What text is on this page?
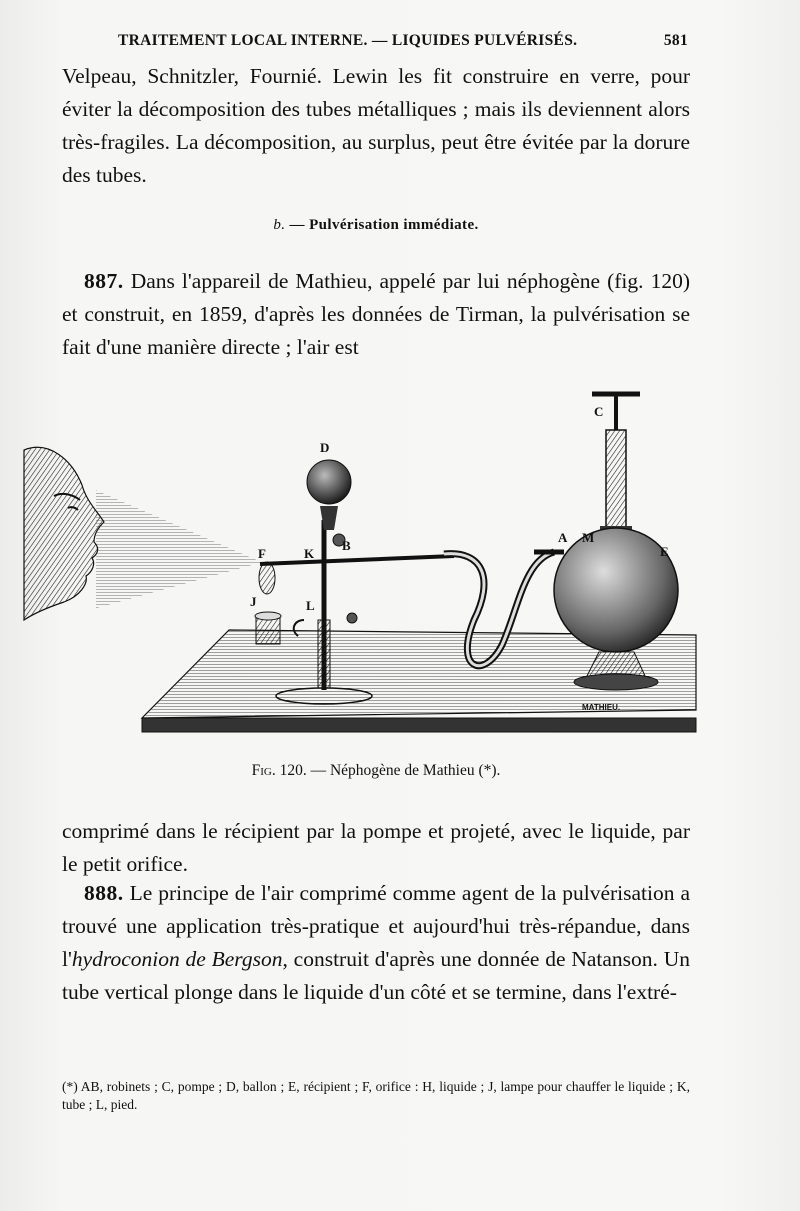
TRAITEMENT LOCAL INTERNE. — LIQUIDES PULVÉRISÉS.	581
Velpeau, Schnitzler, Fournié. Lewin les fit construire en verre, pour éviter la décomposition des tubes métalliques ; mais ils deviennent alors très-fragiles. La décomposition, au surplus, peut être évitée par la dorure des tubes.
b. — Pulvérisation immédiate.
887. Dans l'appareil de Mathieu, appelé par lui néphogène (fig. 120) et construit, en 1859, d'après les données de Tirman, la pulvérisation se fait d'une manière directe ; l'air est
D
F	K
B
J	L
C
A M
E
MATHIEU.
Fig. 120. — Néphogène de Mathieu (*).
comprimé dans le récipient par la pompe et projeté, avec le liquide, par le petit orifice.
888. Le principe de l'air comprimé comme agent de la pulvérisation a trouvé une application très-pratique et aujourd'hui très-répandue, dans l'hydroconion de Bergson, construit d'après une donnée de Natanson. Un tube vertical plonge dans le liquide d'un côté et se termine, dans l'extré-
(*) AB, robinets ; C, pompe ; D, ballon ; E, récipient ; F, orifice : H, liquide ; J, lampe pour chauffer le liquide ; K, tube ; L, pied.
